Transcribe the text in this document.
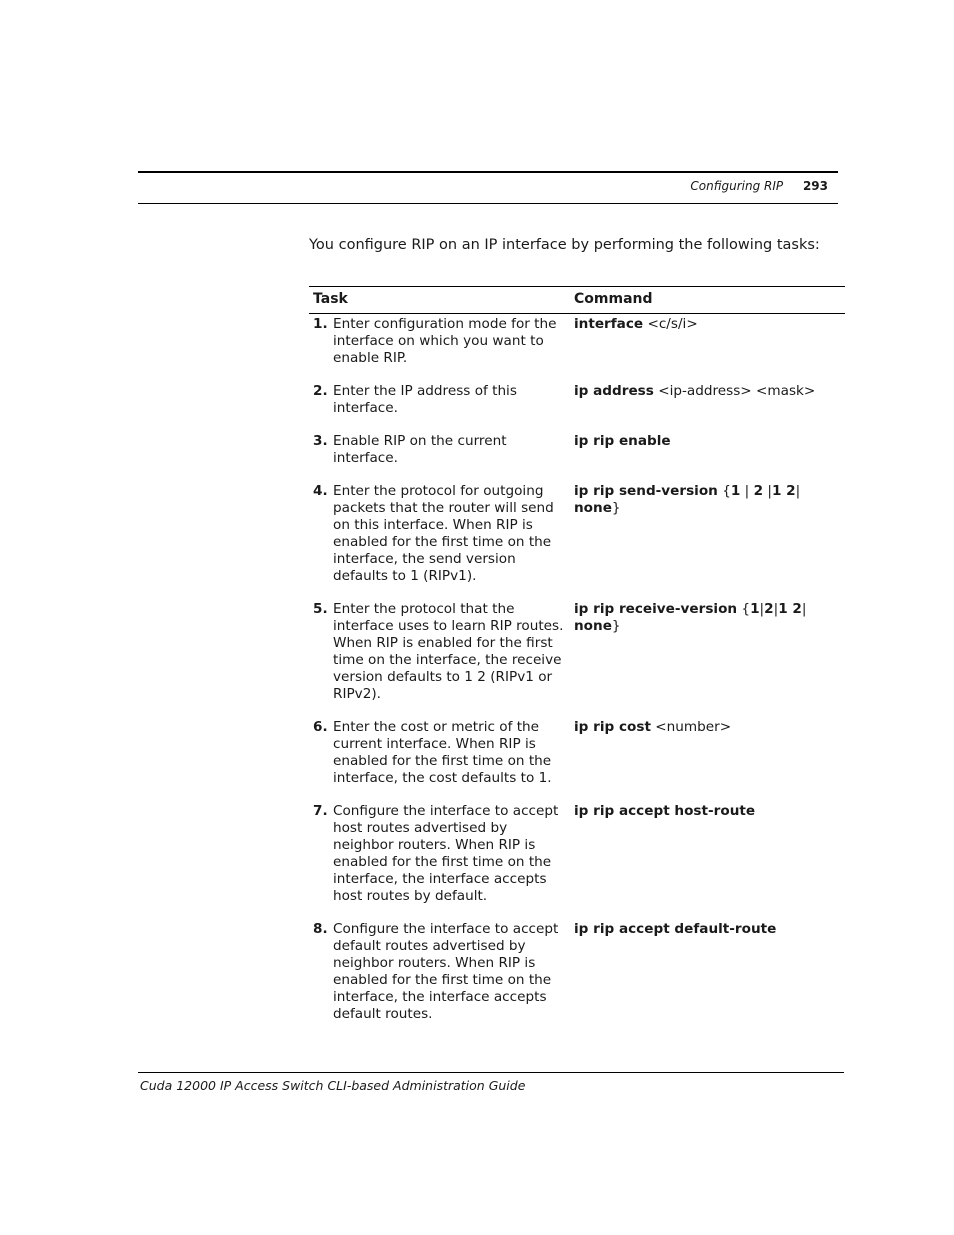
Configuring RIP 293

You configure RIP on an IP interface by performing the following tasks:

Task	Command

1. Enter configuration mode for the interface on which you want to enable RIP.	interface <c/s/i>

2. Enter the IP address of this interface.	ip address <ip-address> <mask>

3. Enable RIP on the current interface.	ip rip enable

4. Enter the protocol for outgoing packets that the router will send on this interface. When RIP is enabled for the first time on the interface, the send version defaults to 1 (RIPv1).	ip rip send-version {1 | 2 |1 2| none}

5. Enter the protocol that the interface uses to learn RIP routes. When RIP is enabled for the first time on the interface, the receive version defaults to 1 2 (RIPv1 or RIPv2).	ip rip receive-version {1|2|1 2| none}

6. Enter the cost or metric of the current interface. When RIP is enabled for the first time on the interface, the cost defaults to 1.	ip rip cost <number>

7. Configure the interface to accept host routes advertised by neighbor routers. When RIP is enabled for the first time on the interface, the interface accepts host routes by default.	ip rip accept host-route

8. Configure the interface to accept default routes advertised by neighbor routers. When RIP is enabled for the first time on the interface, the interface accepts default routes.	ip rip accept default-route

Cuda 12000 IP Access Switch CLI-based Administration Guide
